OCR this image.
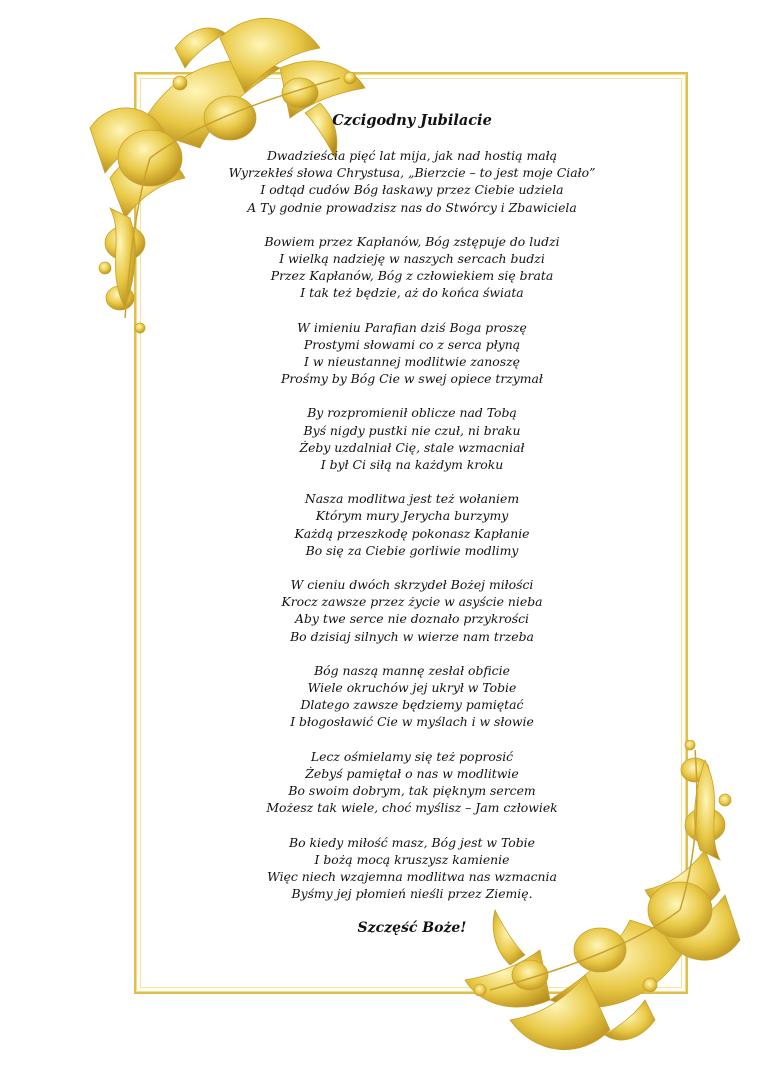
Czcigodny Jubilacie
Dwadzieścia pięć lat mija, jak nad hostią małą
Wyrzekłeś słowa Chrystusa, „Bierzcie – to jest moje Ciało”
I odtąd cudów Bóg łaskawy przez Ciebie udziela
A Ty godnie prowadzisz nas do Stwórcy i Zbawiciela
Bowiem przez Kapłanów, Bóg zstępuje do ludzi
I wielką nadzieję w naszych sercach budzi
Przez Kapłanów, Bóg z człowiekiem się brata
I tak też będzie, aż do końca świata
W imieniu Parafian dziś Boga proszę
Prostymi słowami co z serca płyną
I w nieustannej modlitwie zanoszę
Prośmy by Bóg Cie w swej opiece trzymał
By rozpromienił oblicze nad Tobą
Byś nigdy pustki nie czuł, ni braku
Żeby uzdalniał Cię, stale wzmacniał
I był Ci siłą na każdym kroku
Nasza modlitwa jest też wołaniem
Którym mury Jerycha burzymy
Każdą przeszkodę pokonasz Kapłanie
Bo się za Ciebie gorliwie modlimy
W cieniu dwóch skrzydeł Bożej miłości
Krocz zawsze przez życie w asyście nieba
Aby twe serce nie doznało przykrości
Bo dzisiaj silnych w wierze nam trzeba
Bóg naszą mannę zesłał obficie
Wiele okruchów jej ukrył w Tobie
Dlatego zawsze będziemy pamiętać
I błogosławić Cie w myślach i w słowie
Lecz ośmielamy się też poprosić
Żebyś pamiętał o nas w modlitwie
Bo swoim dobrym, tak pięknym sercem
Możesz tak wiele, choć myślisz – Jam człowiek
Bo kiedy miłość masz, Bóg jest w Tobie
I bożą mocą kruszysz kamienie
Więc niech wzajemna modlitwa nas wzmacnia
Byśmy jej płomień nieśli przez Ziemię.
Szczęść Boże!
